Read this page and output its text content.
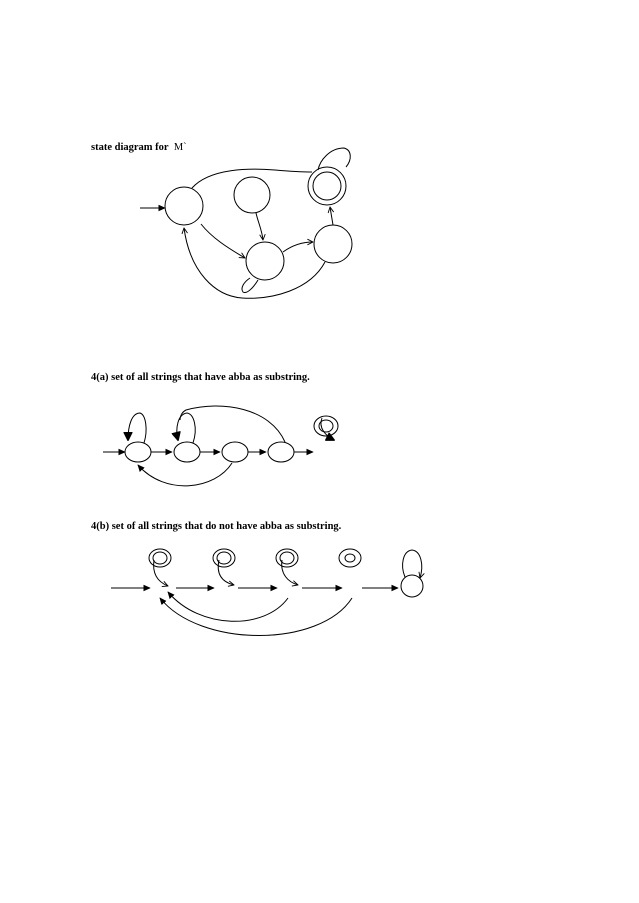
state diagram for M`
4(a) set of all strings that have abba as substring.
4(b) set of all strings that do not have abba as substring.
